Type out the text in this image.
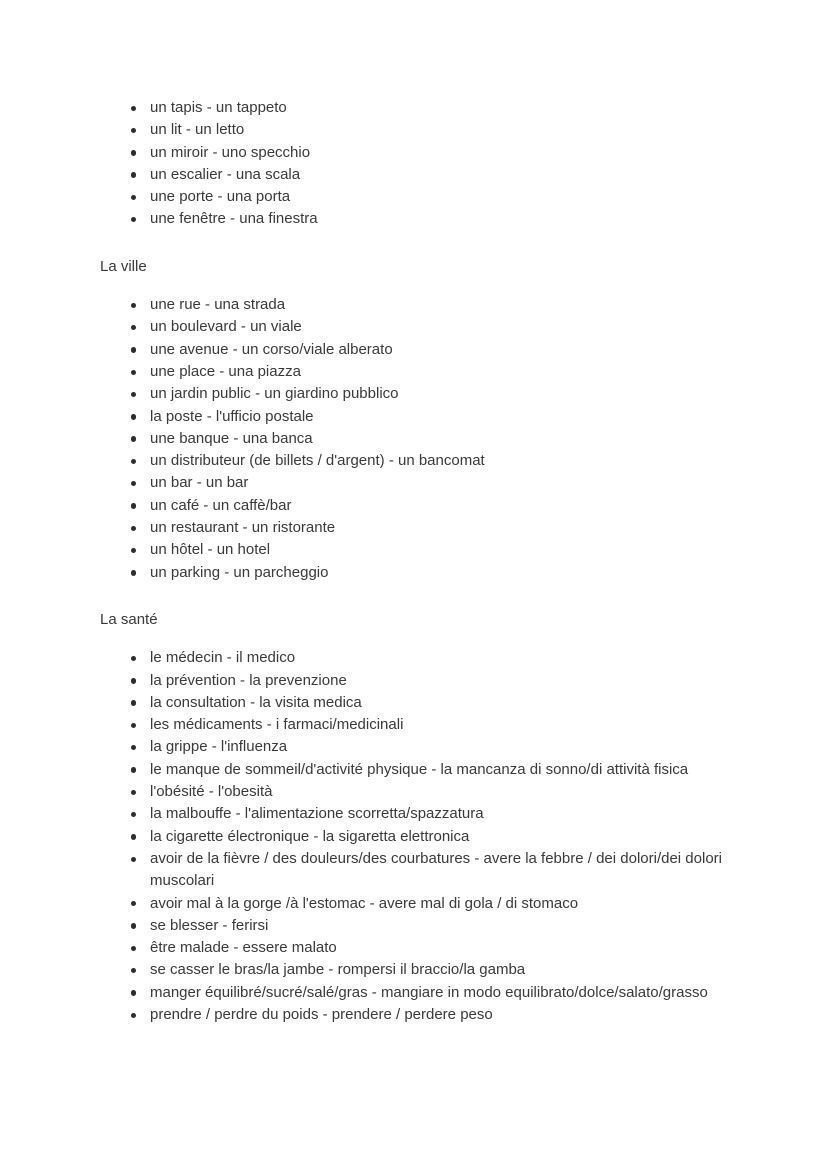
un tapis - un tappeto
un lit - un letto
un miroir - uno specchio
un escalier - una scala
une porte - una porta
une fenêtre - una finestra

La ville

une rue - una strada
un boulevard - un viale
une avenue - un corso/viale alberato
une place - una piazza
un jardin public - un giardino pubblico
la poste - l'ufficio postale
une banque - una banca
un distributeur (de billets / d'argent) - un bancomat
un bar - un bar
un café - un caffè/bar
un restaurant - un ristorante
un hôtel - un hotel
un parking - un parcheggio

La santé

le médecin - il medico
la prévention - la prevenzione
la consultation - la visita medica
les médicaments - i farmaci/medicinali
la grippe - l'influenza
le manque de sommeil/d'activité physique - la mancanza di sonno/di attività fisica
l'obésité - l'obesità
la malbouffe - l'alimentazione scorretta/spazzatura
la cigarette électronique - la sigaretta elettronica
avoir de la fièvre / des douleurs/des courbatures - avere la febbre / dei dolori/dei dolori muscolari
avoir mal à la gorge /à l'estomac - avere mal di gola / di stomaco
se blesser - ferirsi
être malade - essere malato
se casser le bras/la jambe - rompersi il braccio/la gamba
manger équilibré/sucré/salé/gras - mangiare in modo equilibrato/dolce/salato/grasso
prendre / perdre du poids - prendere / perdere peso
